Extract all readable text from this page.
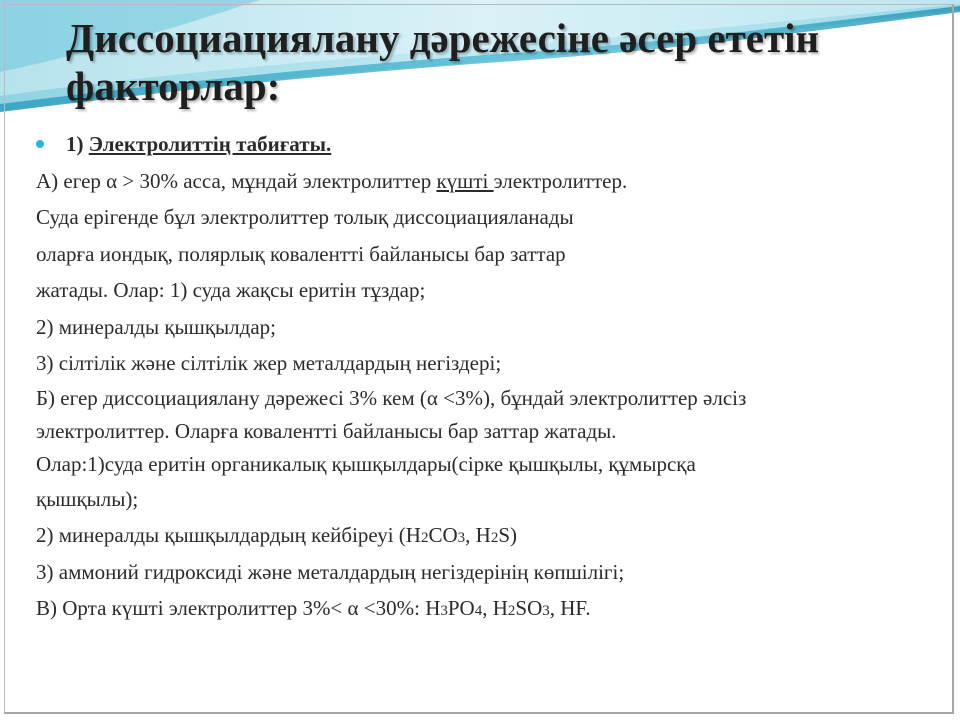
Диссоциациялану дәрежесіне әсер ететін
факторлар:
1) Электролиттің табиғаты.
А) егер α > 30% асса, мұндай электролиттер күшті электролиттер.
Суда ерігенде бұл электролиттер толық диссоциацияланады
оларға иондық, полярлық ковалентті байланысы бар заттар
жатады. Олар: 1) суда жақсы еритін тұздар;
2) минералды қышқылдар;
3) сілтілік және сілтілік жер металдардың негіздері;
Б) егер диссоциациялану дәрежесі 3% кем (α <3%), бұндай электролиттер әлсіз
электролиттер. Оларға ковалентті байланысы бар заттар жатады.
Олар:1)суда еритін органикалық қышқылдары(сірке қышқылы, құмырсқа
қышқылы);
2) минералды қышқылдардың кейбіреуі (H2CO3, H2S)
3) аммоний гидроксиді және металдардың негіздерінің көпшілігі;
В) Орта күшті электролиттер 3%< α <30%: H3PO4, H2SO3, HF.
